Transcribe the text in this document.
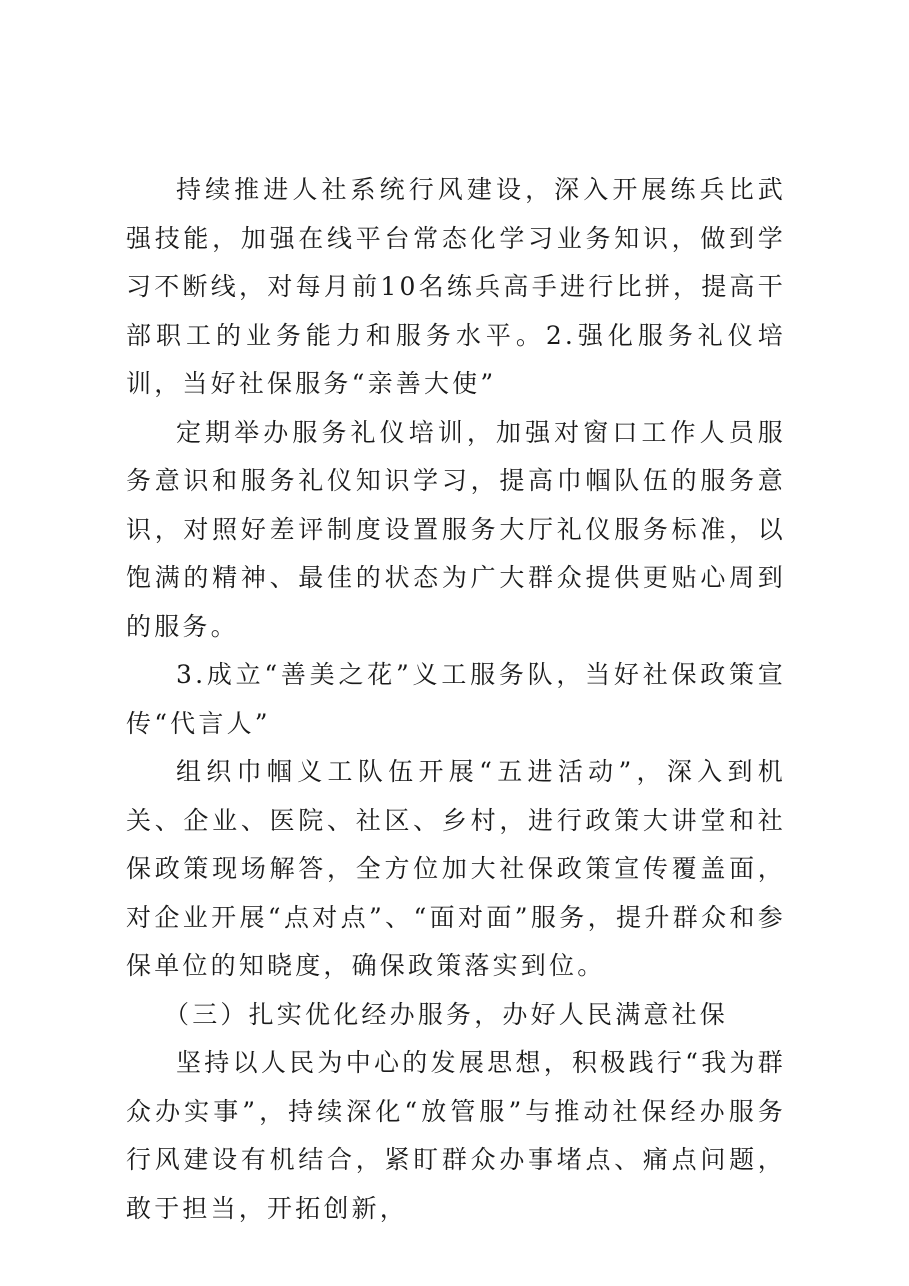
持续推进人社系统行风建设，深入开展练兵比武强技能，加强在线平台常态化学习业务知识，做到学习不断线，对每月前10名练兵高手进行比拼，提高干部职工的业务能力和服务水平。2.强化服务礼仪培训，当好社保服务“亲善大使”

定期举办服务礼仪培训，加强对窗口工作人员服务意识和服务礼仪知识学习，提高巾帼队伍的服务意识，对照好差评制度设置服务大厅礼仪服务标准，以饱满的精神、最佳的状态为广大群众提供更贴心周到的服务。

3.成立“善美之花”义工服务队，当好社保政策宣传“代言人”

组织巾帼义工队伍开展“五进活动”，深入到机关、企业、医院、社区、乡村，进行政策大讲堂和社保政策现场解答，全方位加大社保政策宣传覆盖面，对企业开展“点对点”、“面对面”服务，提升群众和参保单位的知晓度，确保政策落实到位。

（三）扎实优化经办服务，办好人民满意社保

坚持以人民为中心的发展思想，积极践行“我为群众办实事”，持续深化“放管服”与推动社保经办服务行风建设有机结合，紧盯群众办事堵点、痛点问题，敢于担当，开拓创新，
